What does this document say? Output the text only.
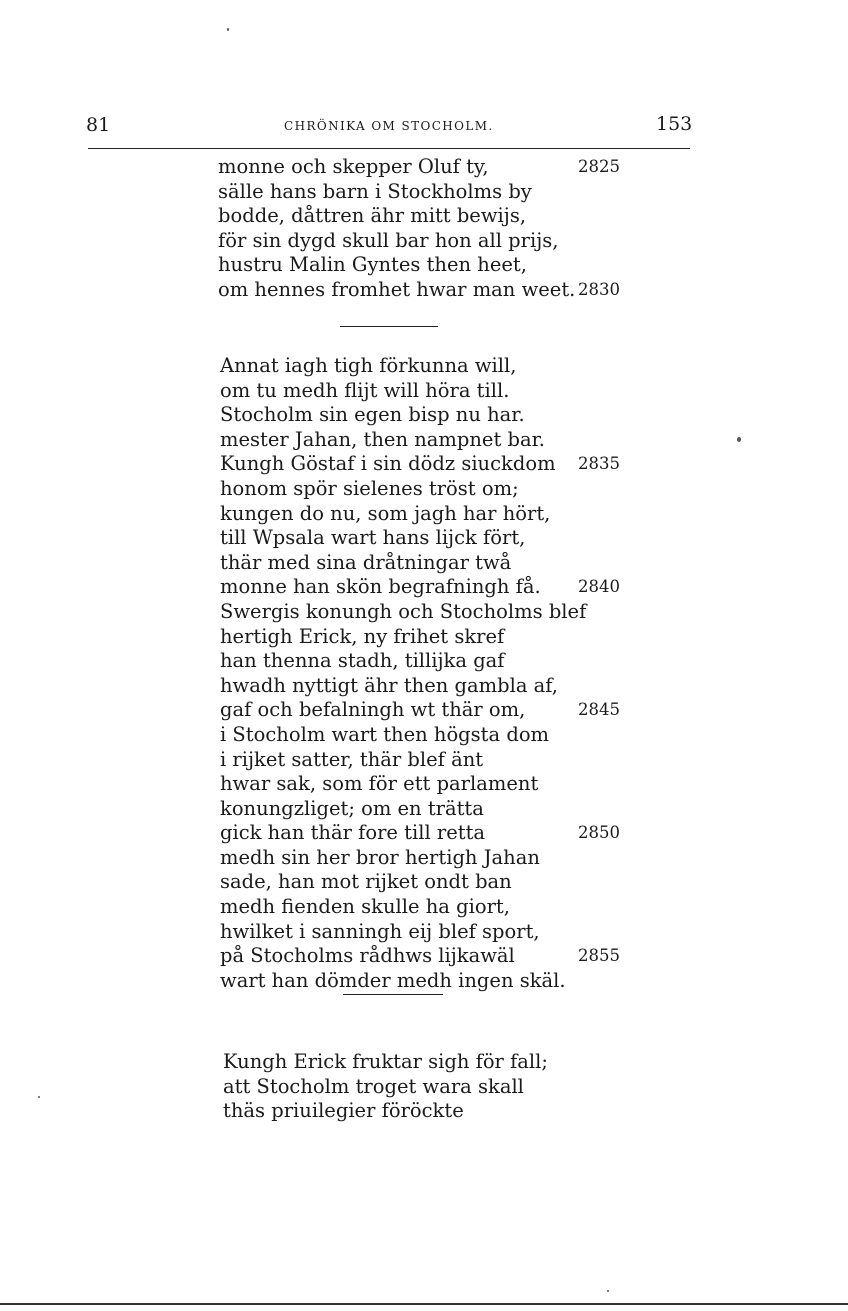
81	CHRÖNIKA OM STOCHOLM.	153
monne och skepper Oluf ty,	2825
sälle hans barn i Stockholms by
bodde, dåttren ähr mitt bewijs,
för sin dygd skull bar hon all prijs,
hustru Malin Gyntes then heet,
om hennes fromhet hwar man weet. 2830
Annat iagh tigh förkunna will,
om tu medh flijt will höra till.
Stocholm sin egen bisp nu har.
mester Jahan, then nampnet bar.
Kungh Göstaf i sin dödz siuckdom 2835
honom spör sielenes tröst om;
kungen do nu, som jagh har hört,
till Wpsala wart hans lijck fört,
thär med sina dråtningar twå
monne han skön begrafningh få. 2840
Swergis konungh och Stocholms blef
hertigh Erick, ny frihet skref
han thenna stadh, tillijka gaf
hwadh nyttigt ähr then gambla af,
gaf och befalningh wt thär om,	2845
i Stocholm wart then högsta dom
i rijket satter, thär blef änt
hwar sak, som för ett parlament
konungzliget; om en trätta
gick han thär fore till retta	2850
medh sin her bror hertigh Jahan
sade, han mot rijket ondt ban
medh fienden skulle ha giort,
hwilket i sanningh eij blef sport,
på Stocholms rådhws lijkawäl	2855
wart han dömder medh ingen skäl.
Kungh Erick fruktar sigh för fall;
att Stocholm troget wara skall
thäs priuilegier föröckte
